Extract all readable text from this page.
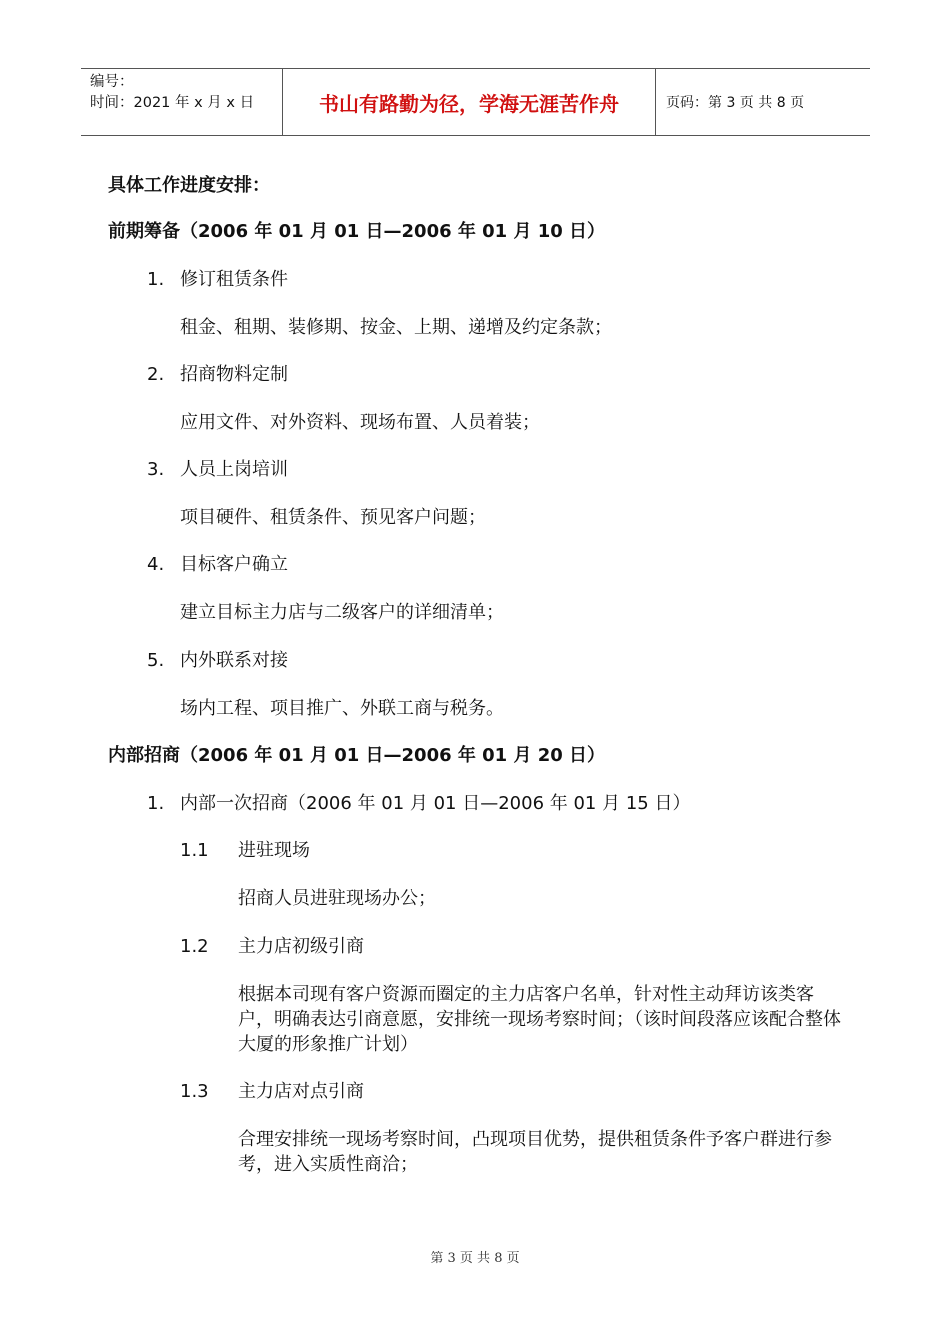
编号：
时间：2021 年 x 月 x 日	书山有路勤为径，学海无涯苦作舟	页码：第 3 页 共 8 页
具体工作进度安排：
前期筹备（2006 年 01 月 01 日—2006 年 01 月 10 日）
1. 修订租赁条件
租金、租期、装修期、按金、上期、递增及约定条款；
2. 招商物料定制
应用文件、对外资料、现场布置、人员着装；
3. 人员上岗培训
项目硬件、租赁条件、预见客户问题；
4. 目标客户确立
建立目标主力店与二级客户的详细清单；
5. 内外联系对接
场内工程、项目推广、外联工商与税务。
内部招商（2006 年 01 月 01 日—2006 年 01 月 20 日）
1. 内部一次招商（2006 年 01 月 01 日—2006 年 01 月 15 日）
1.1 进驻现场
招商人员进驻现场办公；
1.2 主力店初级引商
根据本司现有客户资源而圈定的主力店客户名单，针对性主动拜访该类客户，明确表达引商意愿，安排统一现场考察时间；（该时间段落应该配合整体大厦的形象推广计划）
1.3 主力店对点引商
合理安排统一现场考察时间，凸现项目优势，提供租赁条件予客户群进行参考，进入实质性商洽；
第 3 页 共 8 页
